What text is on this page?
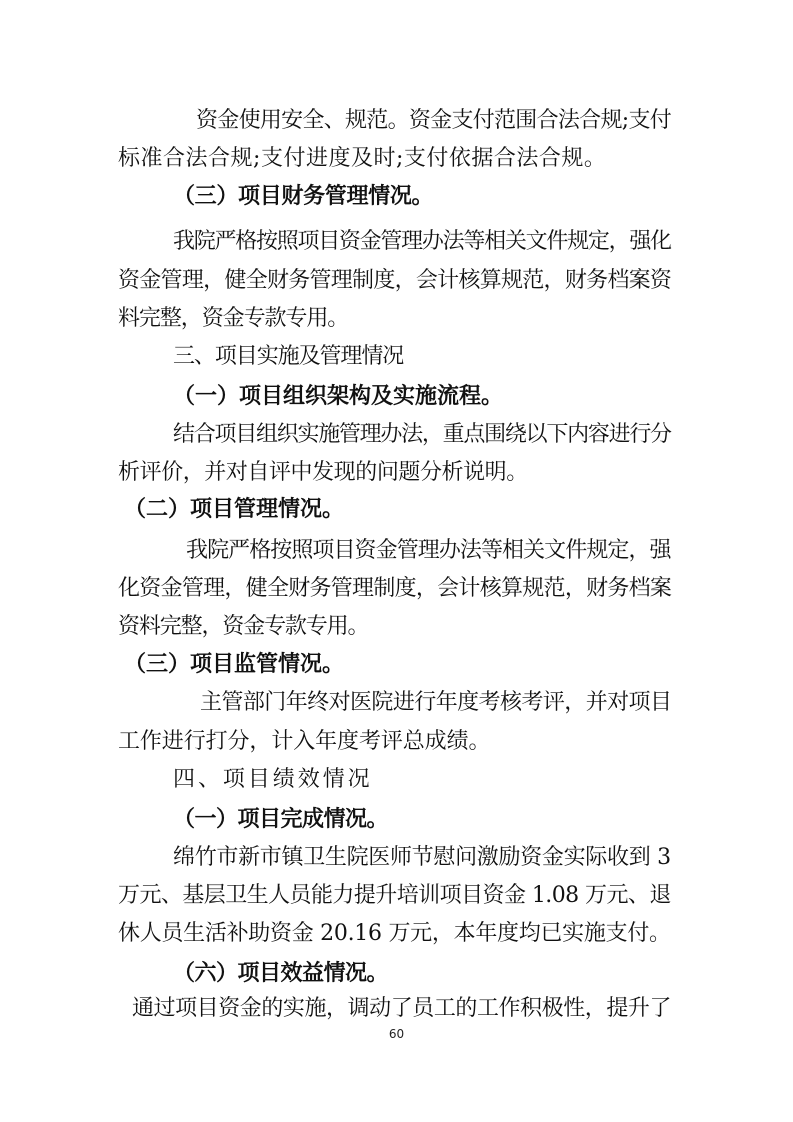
资金使用安全、规范。资金支付范围合法合规;支付
标准合法合规;支付进度及时;支付依据合法合规。
（三）项目财务管理情况。
我院严格按照项目资金管理办法等相关文件规定，强化
资金管理，健全财务管理制度，会计核算规范，财务档案资
料完整，资金专款专用。
三、项目实施及管理情况
（一）项目组织架构及实施流程。
结合项目组织实施管理办法，重点围绕以下内容进行分
析评价，并对自评中发现的问题分析说明。
（二）项目管理情况。
我院严格按照项目资金管理办法等相关文件规定，强
化资金管理，健全财务管理制度，会计核算规范，财务档案
资料完整，资金专款专用。
（三）项目监管情况。
主管部门年终对医院进行年度考核考评，并对项目
工作进行打分，计入年度考评总成绩。
四、项目绩效情况
（一）项目完成情况。
绵竹市新市镇卫生院医师节慰问激励资金实际收到 3
万元、基层卫生人员能力提升培训项目资金 1.08 万元、退
休人员生活补助资金 20.16 万元，本年度均已实施支付。
（六）项目效益情况。
通过项目资金的实施，调动了员工的工作积极性，提升了
60
